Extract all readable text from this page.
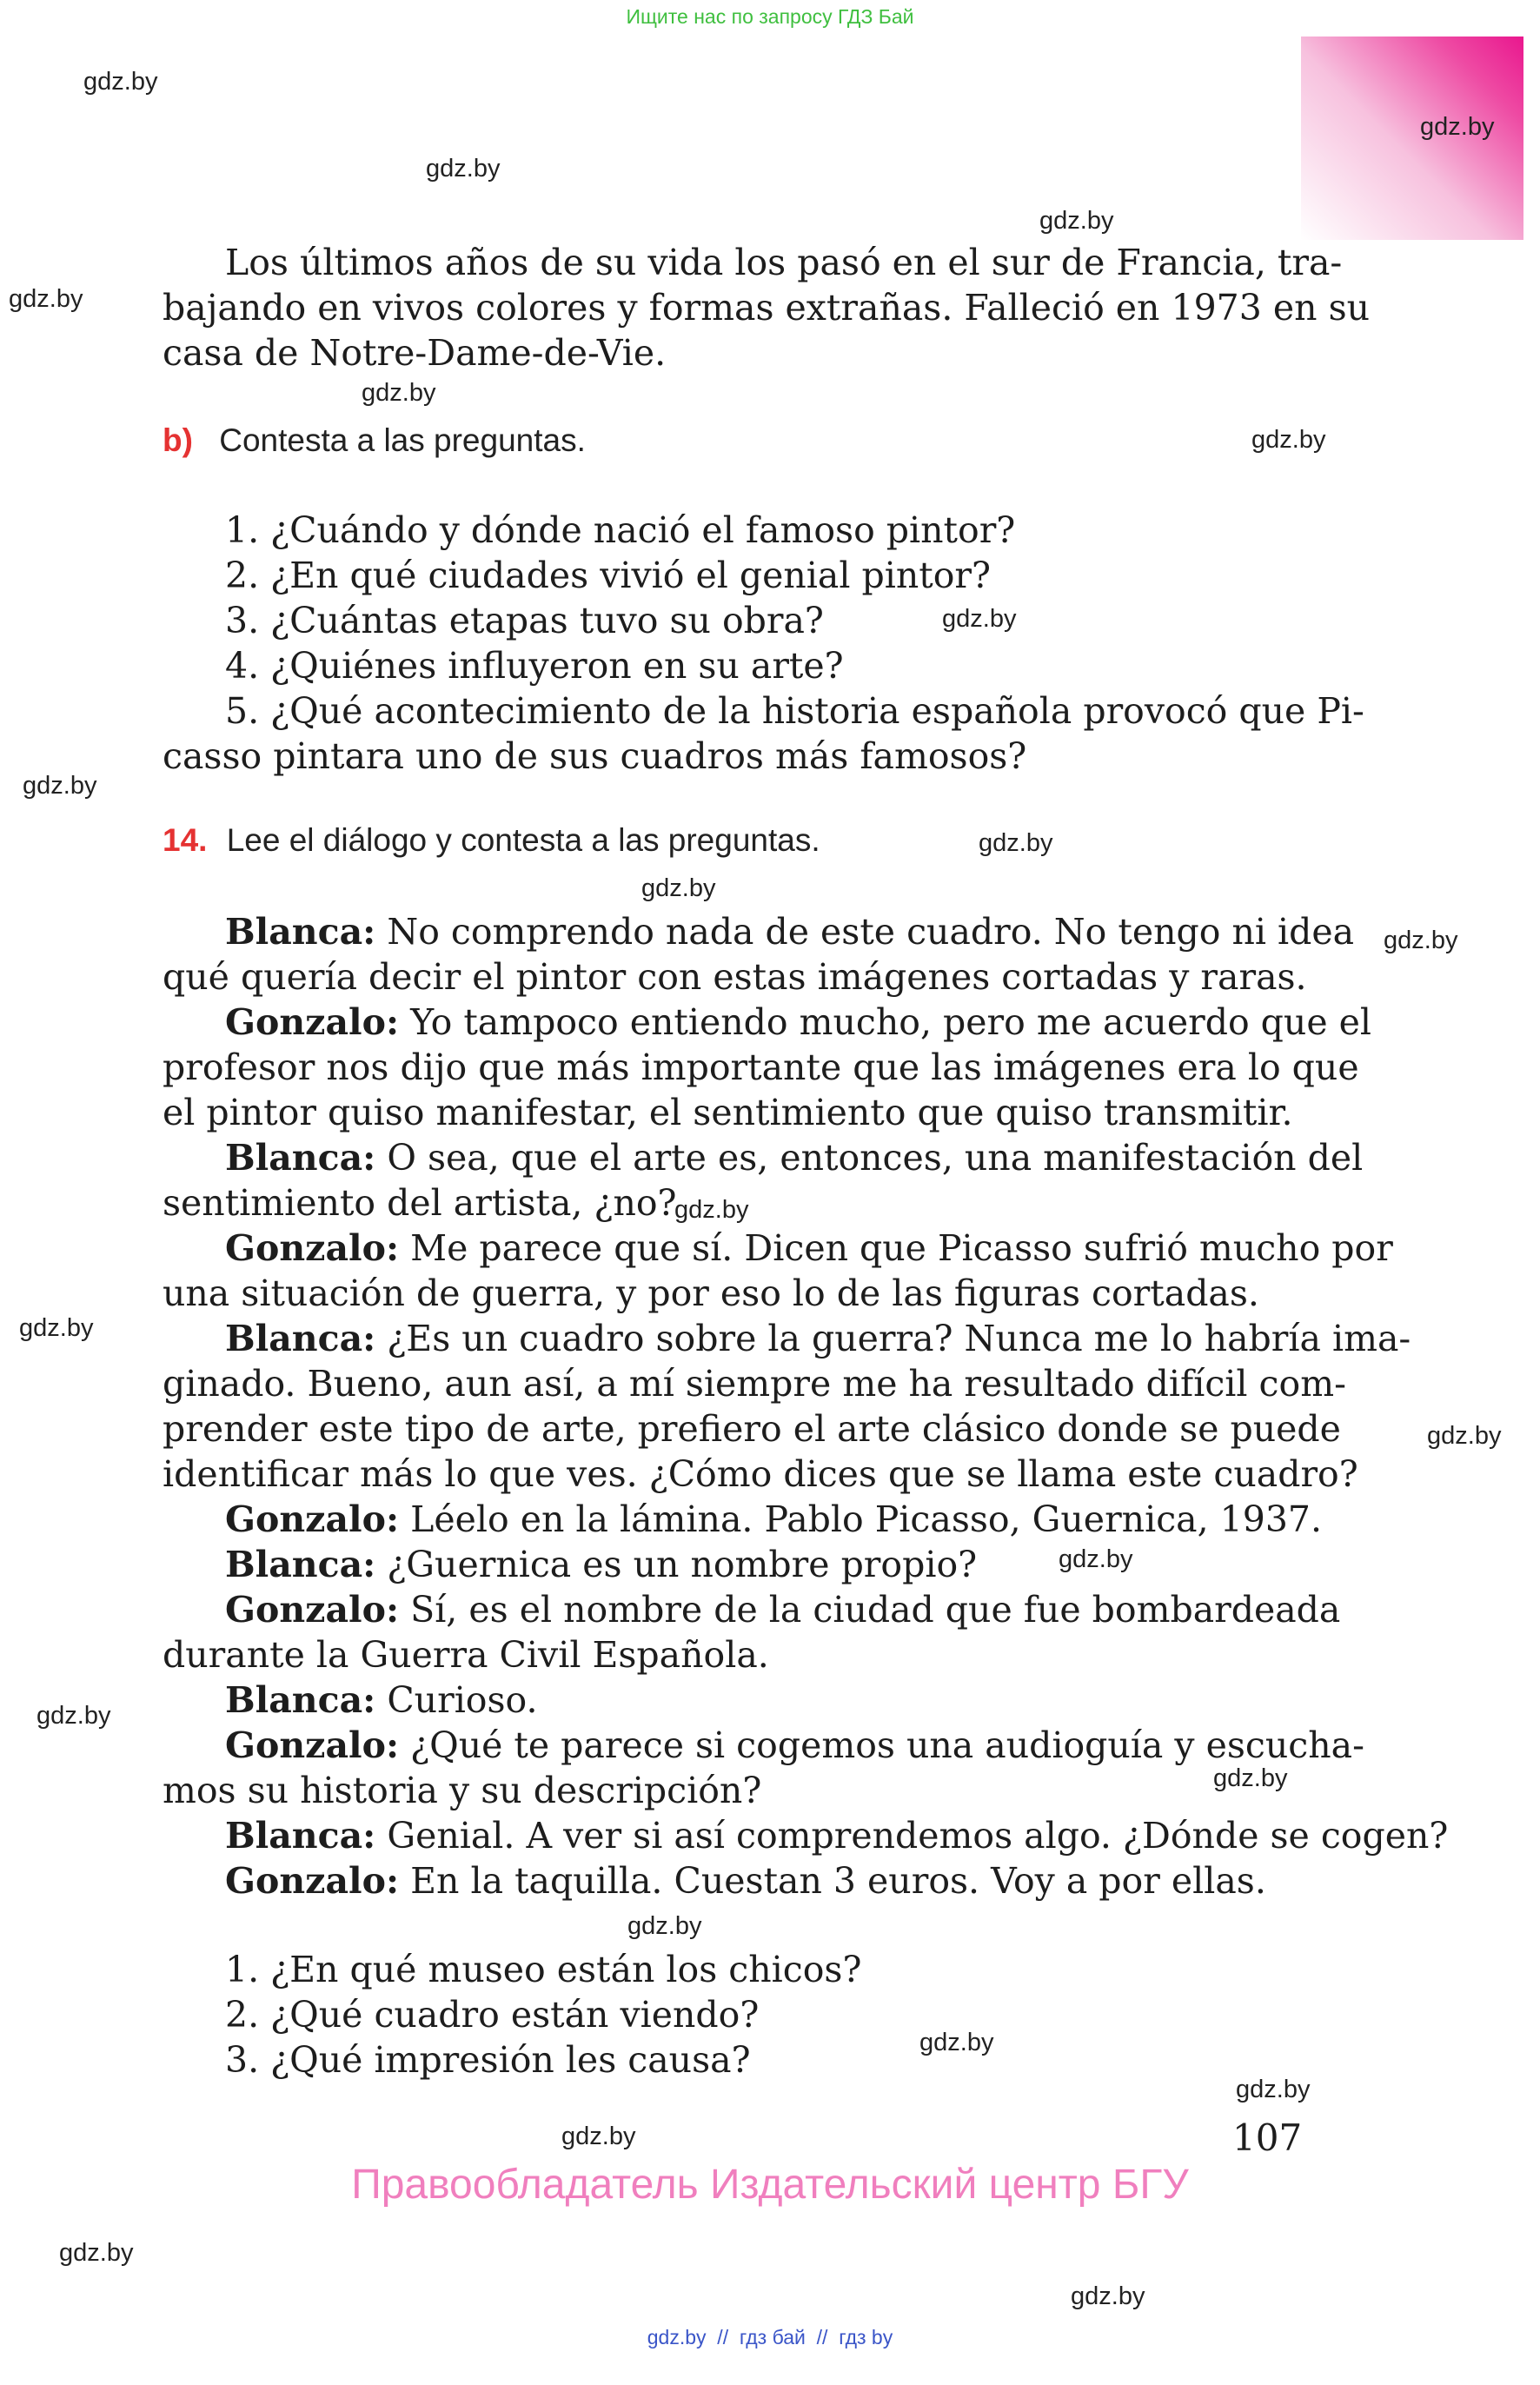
Ищите нас по запросу ГДЗ Бай
gdz.by
gdz.by
gdz.by
gdz.by
gdz.by
gdz.by
gdz.by
gdz.by
gdz.by
gdz.by
gdz.by
gdz.by
gdz.by
gdz.by
gdz.by
gdz.by
gdz.by
gdz.by
gdz.by
gdz.by
gdz.by
gdz.by
gdz.by
gdz.by
Los últimos años de su vida los pasó en el sur de Francia, tra-
bajando en vivos colores y formas extrañas. Falleció en 1973 en su
casa de Notre-Dame-de-Vie.
b) Contesta a las preguntas.
1. ¿Cuándo y dónde nació el famoso pintor?
2. ¿En qué ciudades vivió el genial pintor?
3. ¿Cuántas etapas tuvo su obra?
4. ¿Quiénes influyeron en su arte?
5. ¿Qué acontecimiento de la historia española provocó que Pi-
casso pintara uno de sus cuadros más famosos?
14. Lee el diálogo y contesta a las preguntas.
Blanca: No comprendo nada de este cuadro. No tengo ni idea
qué quería decir el pintor con estas imágenes cortadas y raras.
Gonzalo: Yo tampoco entiendo mucho, pero me acuerdo que el
profesor nos dijo que más importante que las imágenes era lo que
el pintor quiso manifestar, el sentimiento que quiso transmitir.
Blanca: O sea, que el arte es, entonces, una manifestación del
sentimiento del artista, ¿no?
Gonzalo: Me parece que sí. Dicen que Picasso sufrió mucho por
una situación de guerra, y por eso lo de las figuras cortadas.
Blanca: ¿Es un cuadro sobre la guerra? Nunca me lo habría ima-
ginado. Bueno, aun así, a mí siempre me ha resultado difícil com-
prender este tipo de arte, prefiero el arte clásico donde se puede
identificar más lo que ves. ¿Cómo dices que se llama este cuadro?
Gonzalo: Léelo en la lámina. Pablo Picasso, Guernica, 1937.
Blanca: ¿Guernica es un nombre propio?
Gonzalo: Sí, es el nombre de la ciudad que fue bombardeada
durante la Guerra Civil Española.
Blanca: Curioso.
Gonzalo: ¿Qué te parece si cogemos una audioguía y escucha-
mos su historia y su descripción?
Blanca: Genial. A ver si así comprendemos algo. ¿Dónde se cogen?
Gonzalo: En la taquilla. Cuestan 3 euros. Voy a por ellas.
1. ¿En qué museo están los chicos?
2. ¿Qué cuadro están viendo?
3. ¿Qué impresión les causa?
107
Правообладатель Издательский центр БГУ
gdz.by  //  гдз бай  //  гдз by
